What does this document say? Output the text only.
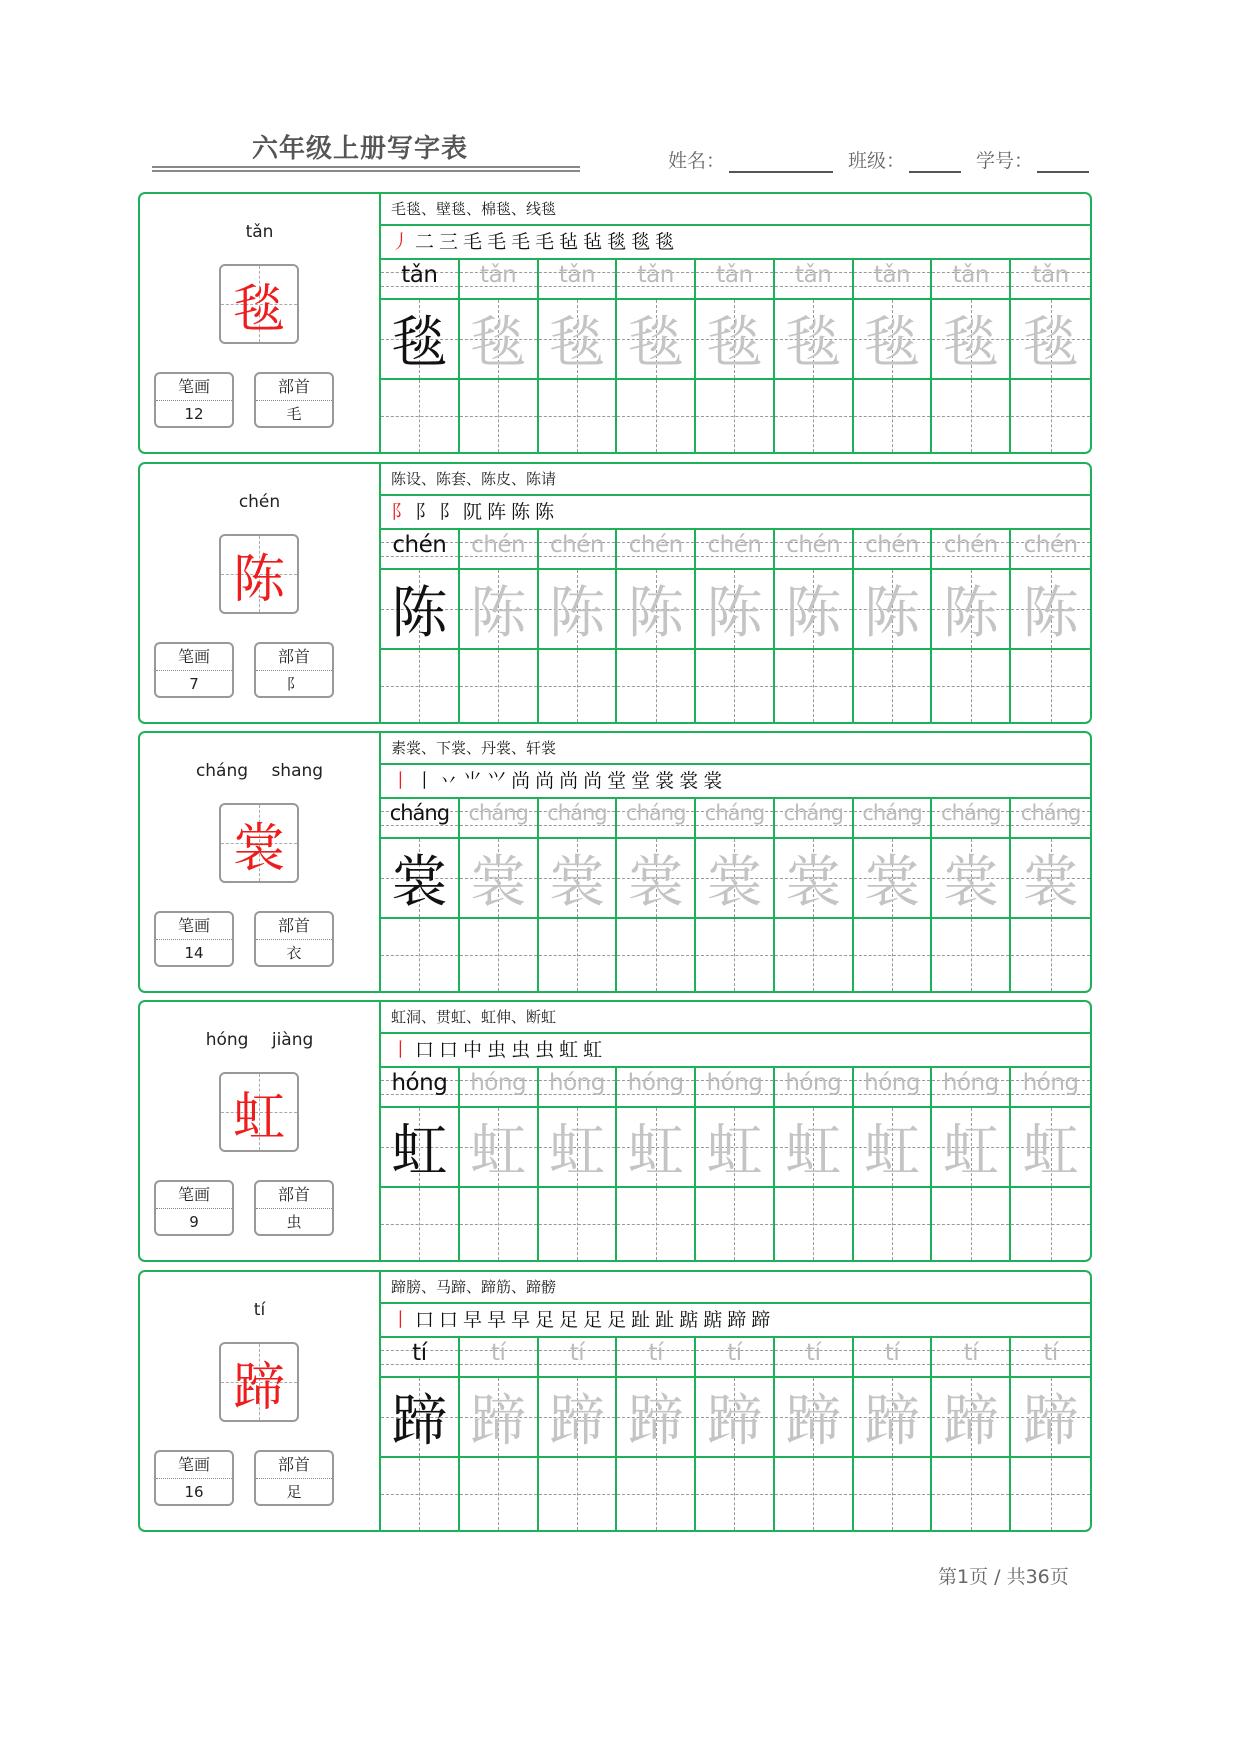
六年级上册写字表	姓名：	班级：	学号：
tǎn
毯
笔画
12
部首
毛
毛毯、壁毯、棉毯、线毯
丿 二 三 毛 毛 毛 毛 毡 毡 毯 毯 毯
tǎn	tǎn	tǎn	tǎn	tǎn	tǎn	tǎn	tǎn	tǎn
毯 毯 毯 毯 毯 毯 毯 毯 毯
chén
陈
笔画
7
部首
阝
陈设、陈套、陈皮、陈请
阝 阝 阝 阢 阵 陈 陈
chén	chén	chén	chén	chén	chén	chén	chén	chén
陈 陈 陈 陈 陈 陈 陈 陈 陈
cháng shang
裳
笔画
14
部首
衣
素裳、下裳、丹裳、轩裳
丨 丨 丷 ⺌ ⺍ 尚 尚 尚 尚 堂 堂 裳 裳 裳
cháng cháng cháng cháng cháng cháng cháng cháng cháng
裳 裳 裳 裳 裳 裳 裳 裳 裳
hóng jiàng
虹
笔画
9
部首
虫
虹洞、贯虹、虹伸、断虹
丨 口 口 中 虫 虫 虫 虹 虹
hóng hóng hóng hóng hóng hóng hóng hóng	hóng
虹 虹 虹 虹 虹 虹 虹 虹 虹
tí
蹄
笔画
16
部首
足
蹄膀、马蹄、蹄筋、蹄髈
丨 口 口 早 早 早 足 足 足 足 趾 趾 踮 踮 蹄 蹄
tí	tí	tí	tí	tí	tí	tí	tí	tí
蹄 蹄 蹄 蹄 蹄 蹄 蹄 蹄 蹄
第1页 / 共36页
